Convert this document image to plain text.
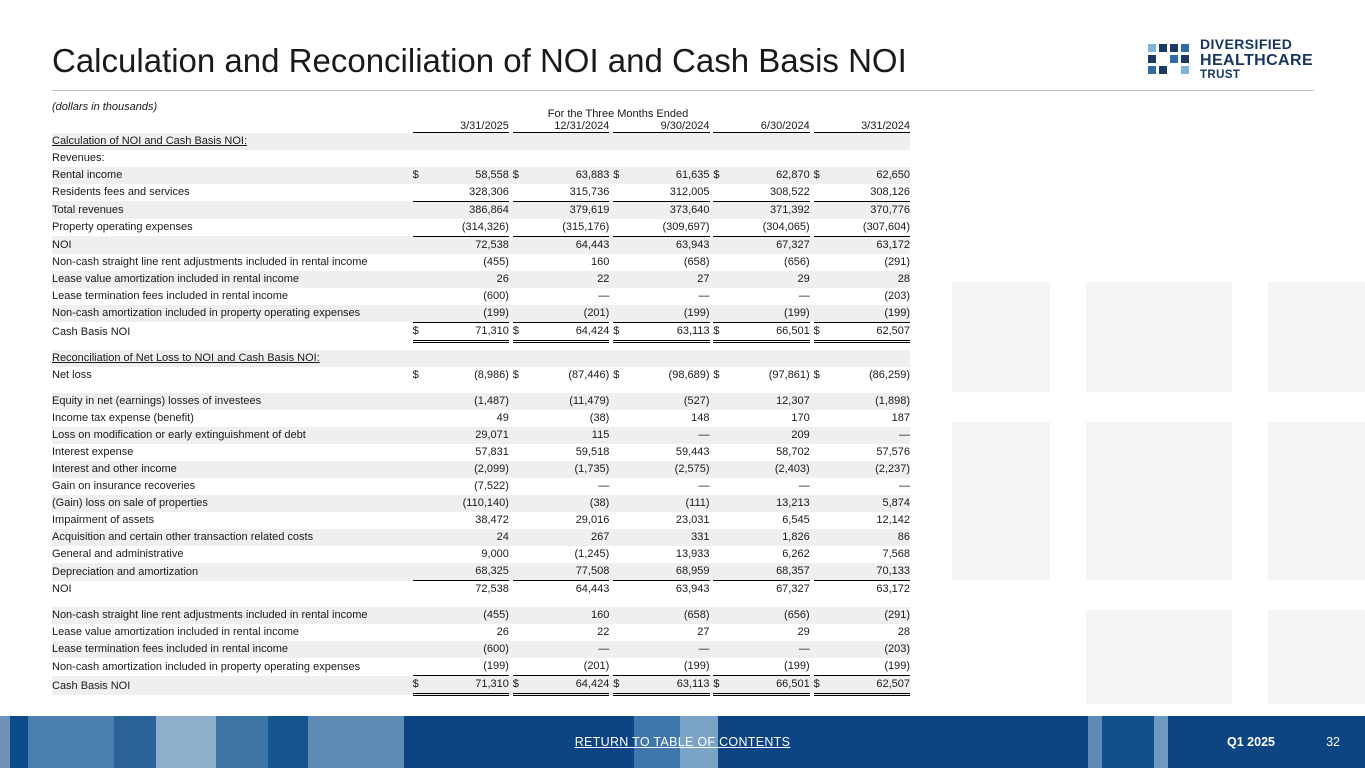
Calculation and Reconciliation of NOI and Cash Basis NOI	DIVERSIFIED
HEALTHCARE
TRUST
(dollars in thousands)
	For the Three Months Ended														
			3/31/2025			12/31/2024			9/30/2024			6/30/2024			3/31/2024
Calculation of NOI and Cash Basis NOI:															
Revenues:															
Rental income		$	58,558		$	63,883		$	61,635		$	62,870		$	62,650
Residents fees and services			328,306			315,736			312,005			308,522			308,126
Total revenues			386,864			379,619			373,640			371,392			370,776
Property operating expenses			(314,326)			(315,176)			(309,697)			(304,065)			(307,604)
NOI			72,538			64,443			63,943			67,327			63,172
Non-cash straight line rent adjustments included in rental income			(455)			160			(658)			(656)			(291)
Lease value amortization included in rental income			26			22			27			29			28
Lease termination fees included in rental income			(600)			—			—			—			(203)
Non-cash amortization included in property operating expenses			(199)			(201)			(199)			(199)			(199)
Cash Basis NOI		$	71,310		$	64,424		$	63,113		$	66,501		$	62,507

Reconciliation of Net Loss to NOI and Cash Basis NOI:															
Net loss		$	(8,986)		$	(87,446)		$	(98,689)		$	(97,861)		$	(86,259)

Equity in net (earnings) losses of investees			(1,487)			(11,479)			(527)			12,307			(1,898)
Income tax expense (benefit)			49			(38)			148			170			187
Loss on modification or early extinguishment of debt			29,071			115			—			209			—
Interest expense			57,831			59,518			59,443			58,702			57,576
Interest and other income			(2,099)			(1,735)			(2,575)			(2,403)			(2,237)
Gain on insurance recoveries			(7,522)			—			—			—			—
(Gain) loss on sale of properties			(110,140)			(38)			(111)			13,213			5,874
Impairment of assets			38,472			29,016			23,031			6,545			12,142
Acquisition and certain other transaction related costs			24			267			331			1,826			86
General and administrative			9,000			(1,245)			13,933			6,262			7,568
Depreciation and amortization			68,325			77,508			68,959			68,357			70,133
NOI			72,538			64,443			63,943			67,327			63,172

Non-cash straight line rent adjustments included in rental income			(455)			160			(658)			(656)			(291)
Lease value amortization included in rental income			26			22			27			29			28
Lease termination fees included in rental income			(600)			—			—			—			(203)
Non-cash amortization included in property operating expenses			(199)			(201)			(199)			(199)			(199)
Cash Basis NOI		$	71,310		$	64,424		$	63,113		$	66,501		$	62,507
RETURN TO TABLE OF CONTENTS	Q1 2025	32
